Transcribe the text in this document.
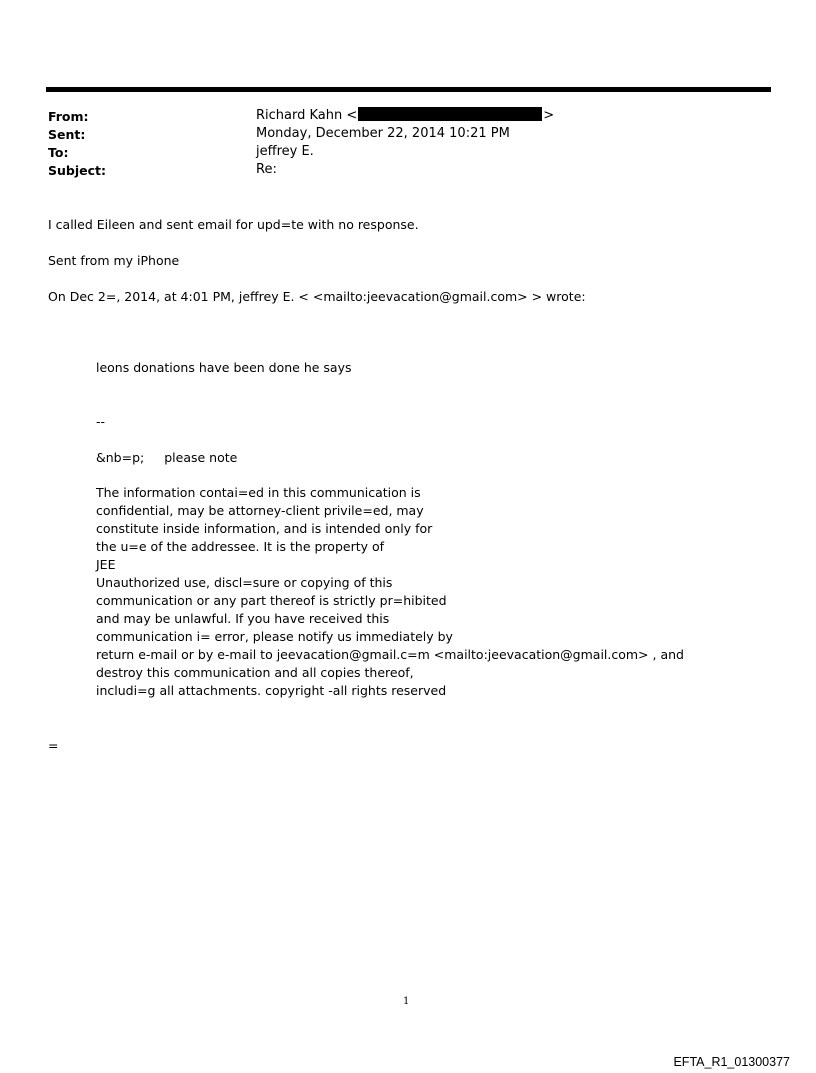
From:	Richard Kahn <	>
Sent:	Monday, December 22, 2014 10:21 PM
To:	jeffrey E.
Subject:	Re:
I called Eileen and sent email for upd=te with no response.
Sent from my iPhone
On Dec 2=, 2014, at 4:01 PM, jeffrey E. < <mailto:jeevacation@gmail.com> > wrote:
leons donations have been done he says
--
&nb=p; please note
The information contai=ed in this communication is
confidential, may be attorney-client privile=ed, may
constitute inside information, and is intended only for
the u=e of the addressee. It is the property of
JEE
Unauthorized use, discl=sure or copying of this
communication or any part thereof is strictly pr=hibited
and may be unlawful. If you have received this
communication i= error, please notify us immediately by
return e-mail or by e-mail to jeevacation@gmail.c=m <mailto:jeevacation@gmail.com> , and
destroy this communication and all copies thereof,
includi=g all attachments. copyright -all rights reserved
=
1
EFTA_R1_01300377
